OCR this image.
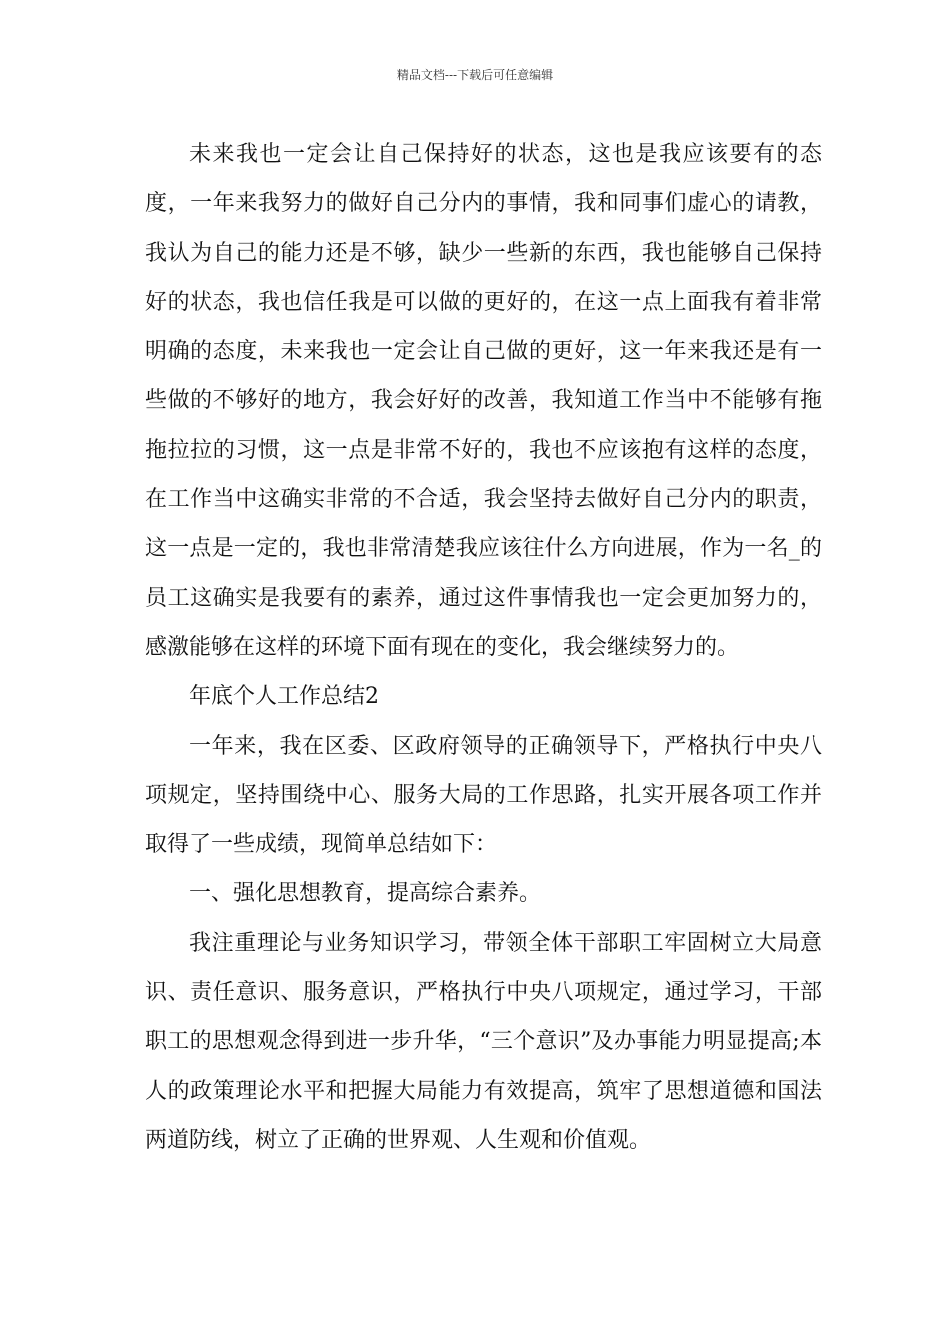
精品文档---下载后可任意编辑

未来我也一定会让自己保持好的状态，这也是我应该要有的态度，一年来我努力的做好自己分内的事情，我和同事们虚心的请教，我认为自己的能力还是不够，缺少一些新的东西，我也能够自己保持好的状态，我也信任我是可以做的更好的，在这一点上面我有着非常明确的态度，未来我也一定会让自己做的更好，这一年来我还是有一些做的不够好的地方，我会好好的改善，我知道工作当中不能够有拖拖拉拉的习惯，这一点是非常不好的，我也不应该抱有这样的态度，在工作当中这确实非常的不合适，我会坚持去做好自己分内的职责，这一点是一定的，我也非常清楚我应该往什么方向进展，作为一名_的员工这确实是我要有的素养，通过这件事情我也一定会更加努力的，感激能够在这样的环境下面有现在的变化，我会继续努力的。

年底个人工作总结2

一年来，我在区委、区政府领导的正确领导下，严格执行中央八项规定，坚持围绕中心、服务大局的工作思路，扎实开展各项工作并取得了一些成绩，现简单总结如下：

一、强化思想教育，提高综合素养。

我注重理论与业务知识学习，带领全体干部职工牢固树立大局意识、责任意识、服务意识，严格执行中央八项规定，通过学习，干部职工的思想观念得到进一步升华，“三个意识”及办事能力明显提高;本人的政策理论水平和把握大局能力有效提高，筑牢了思想道德和国法两道防线，树立了正确的世界观、人生观和价值观。
